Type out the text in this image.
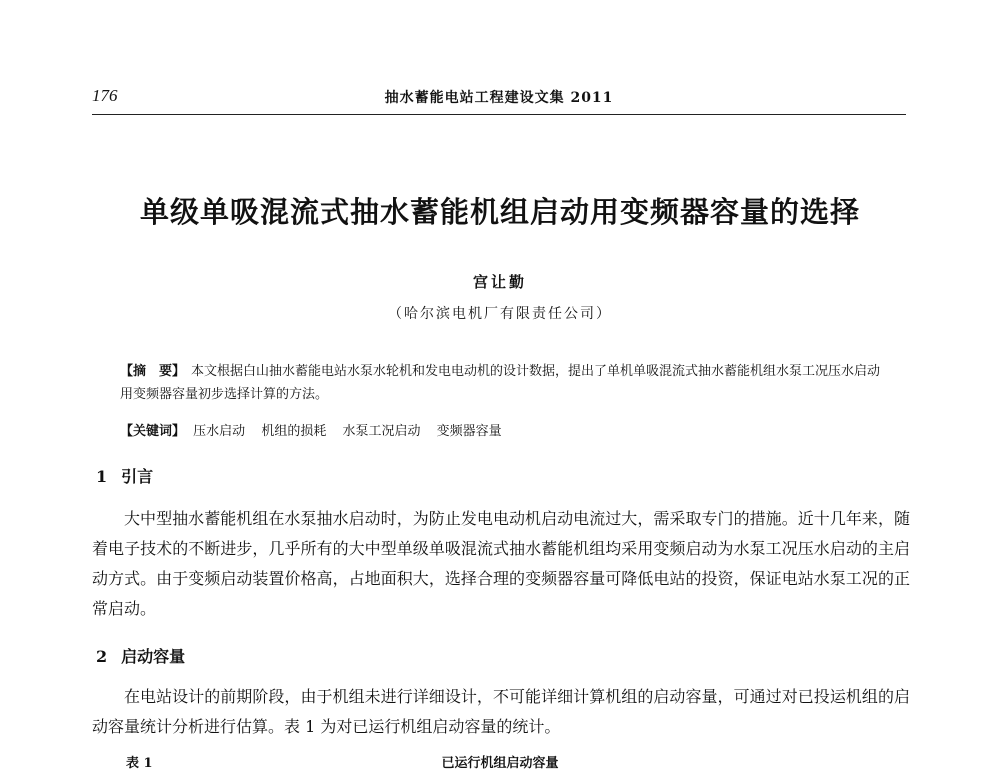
176	抽水蓄能电站工程建设文集 2011
单级单吸混流式抽水蓄能机组启动用变频器容量的选择
宫让勤
（哈尔滨电机厂有限责任公司）

【摘　要】 本文根据白山抽水蓄能电站水泵水轮机和发电电动机的设计数据，提出了单机单吸混流式抽水蓄能机组水泵工况压水启动用变频器容量初步选择计算的方法。

【关键词】 压水启动 机组的损耗 水泵工况启动 变频器容量
1 引言

大中型抽水蓄能机组在水泵抽水启动时，为防止发电电动机启动电流过大，需采取专门的措施。近十几年来，随着电子技术的不断进步，几乎所有的大中型单级单吸混流式抽水蓄能机组均采用变频启动为水泵工况压水启动的主启动方式。由于变频启动装置价格高，占地面积大，选择合理的变频器容量可降低电站的投资，保证电站水泵工况的正常启动。

2 启动容量

在电站设计的前期阶段，由于机组未进行详细设计，不可能详细计算机组的启动容量，可通过对已投运机组的启动容量统计分析进行估算。表 1 为对已运行机组启动容量的统计。

表 1	已运行机组启动容量
